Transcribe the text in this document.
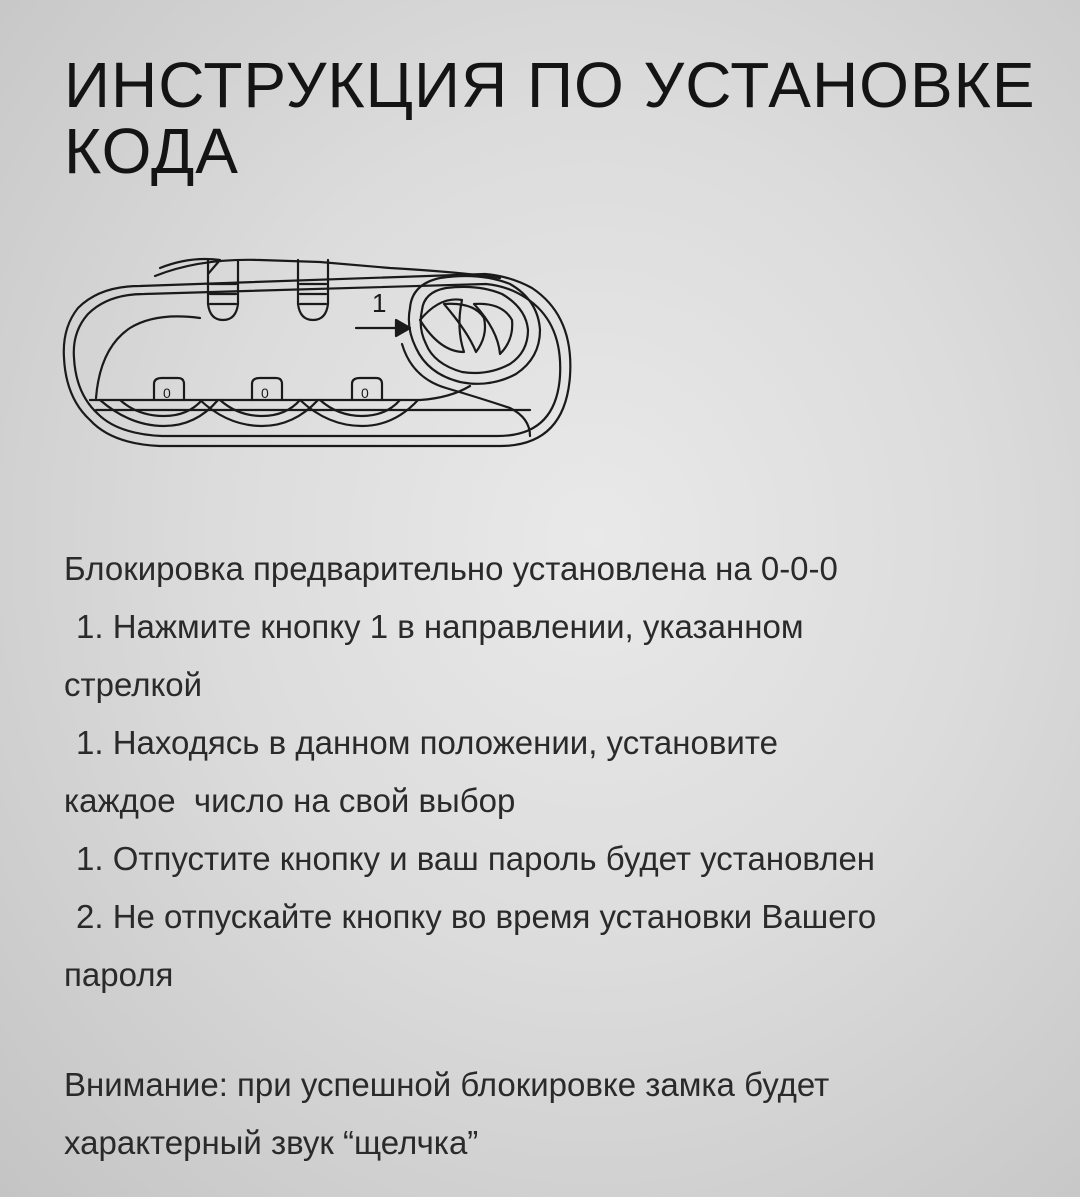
ИНСТРУКЦИЯ ПО УСТАНОВКЕ КОДА
1
0	0	0

Блокировка предварительно установлена на 0-0-0

1. Нажмите кнопку 1 в направлении, указанном

стрелкой

1. Находясь в данном положении, установите

каждое  число на свой выбор

1. Отпустите кнопку и ваш пароль будет установлен

2. Не отпускайте кнопку во время установки Вашего

пароля

Внимание: при успешной блокировке замка будет

характерный звук “щелчка”
